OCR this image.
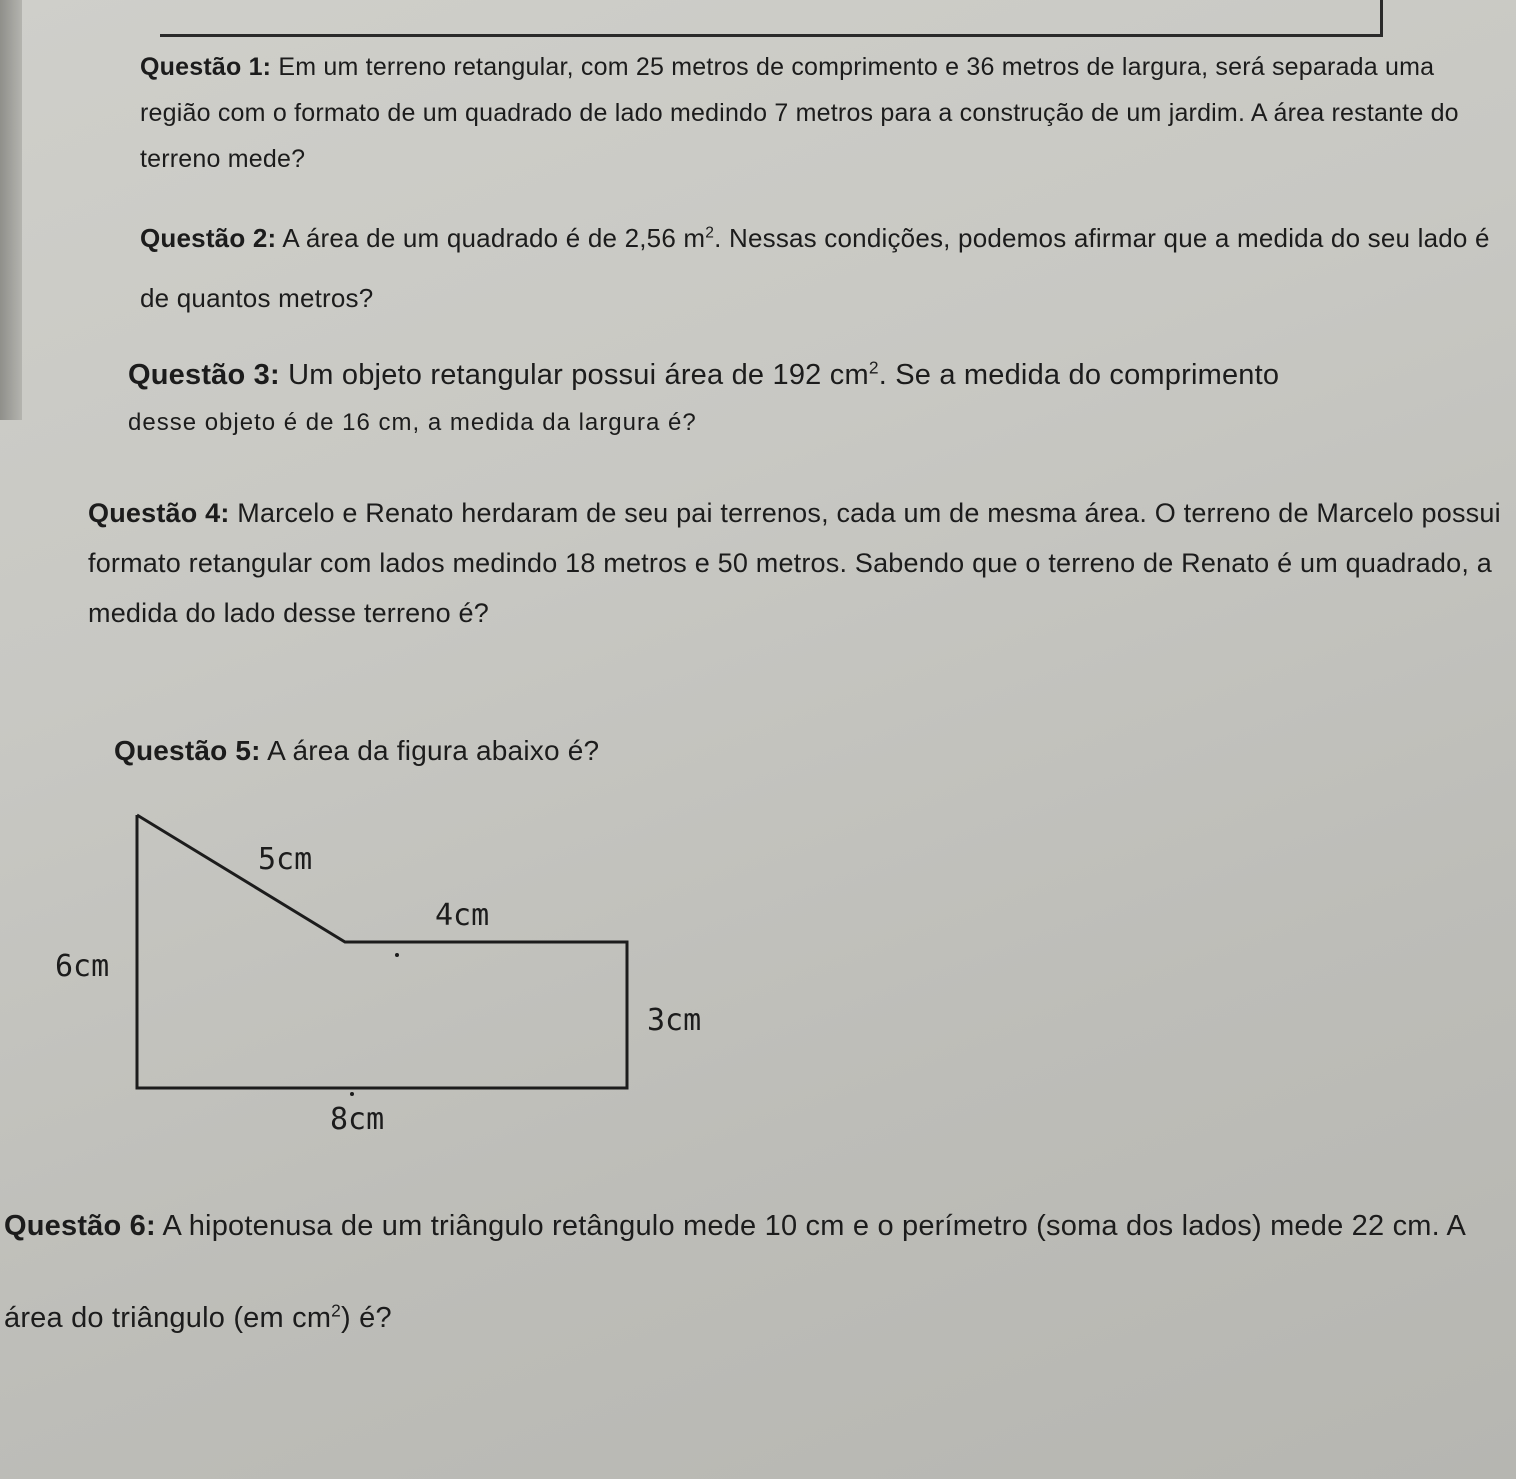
Questão 1: Em um terreno retangular, com 25 metros de comprimento e 36 metros de largura, será separada uma região com o formato de um quadrado de lado medindo 7 metros para a construção de um jardim. A área restante do terreno mede?

Questão 2: A área de um quadrado é de 2,56 $m^2$. Nessas condições, podemos afirmar que a medida do seu lado é de quantos metros?

Questão 3: Um objeto retangular possui área de 192 $cm^2$. Se a medida do comprimento
desse objeto é de 16 cm, a medida da largura é?

Questão 4: Marcelo e Renato herdaram de seu pai terrenos, cada um de mesma área. O terreno de Marcelo possui formato retangular com lados medindo 18 metros e 50 metros. Sabendo que o terreno de Renato é um quadrado, a medida do lado desse terreno é?

Questão 5: A área da figura abaixo é?

5cm
4cm
6cm
3cm
8cm

Questão 6: A hipotenusa de um triângulo retângulo mede 10 cm e o perímetro (soma dos lados) mede 22 cm. A área do triângulo (em $cm^2$) é?
